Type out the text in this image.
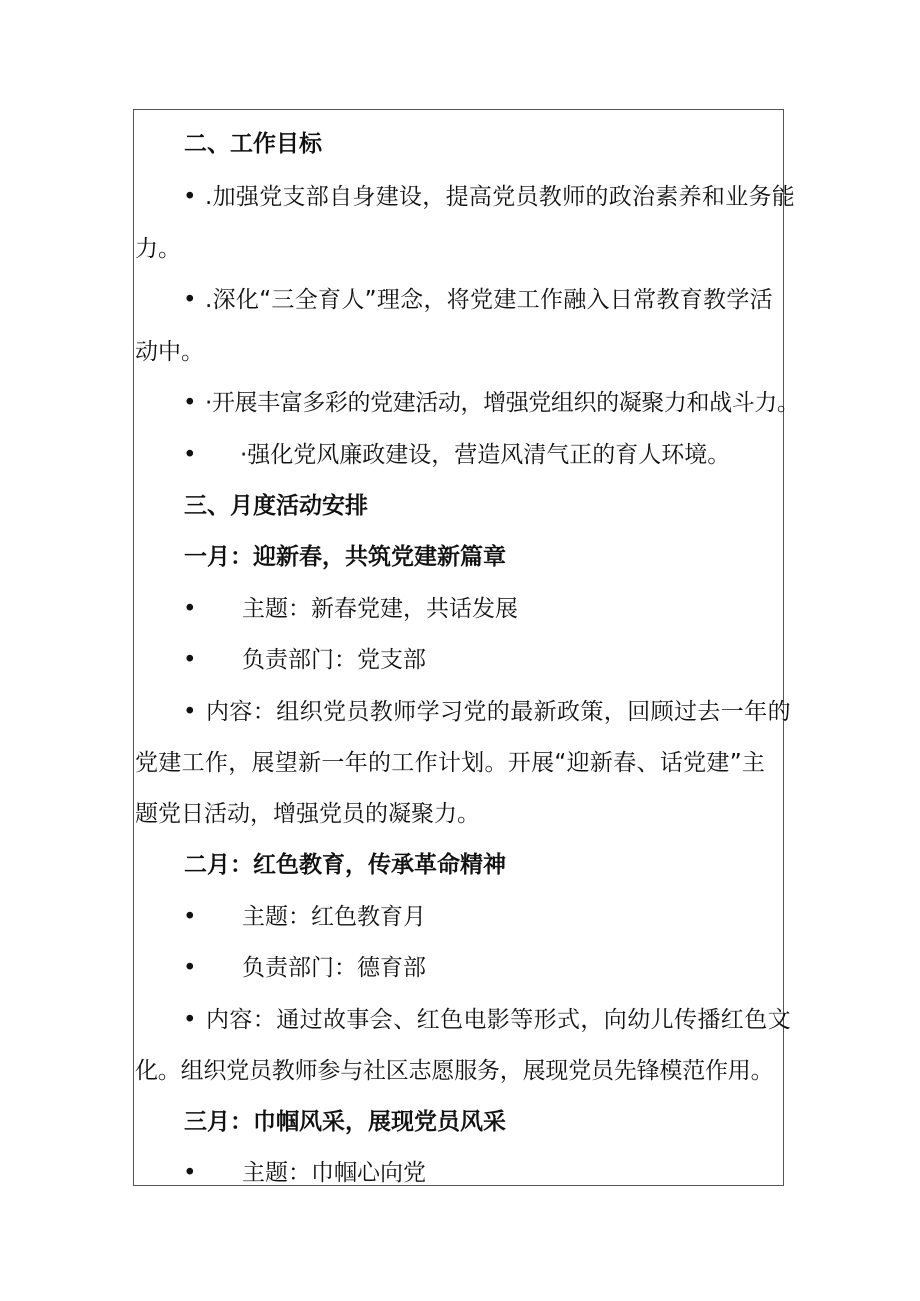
二、工作目标
• .加强党支部自身建设，提高党员教师的政治素养和业务能
力。
• .深化“三全育人”理念，将党建工作融入日常教育教学活
动中。
• ·开展丰富多彩的党建活动，增强党组织的凝聚力和战斗力。
• ·强化党风廉政建设，营造风清气正的育人环境。
三、月度活动安排
一月：迎新春，共筑党建新篇章
• 主题：新春党建，共话发展
• 负责部门：党支部
• 内容：组织党员教师学习党的最新政策，回顾过去一年的
党建工作，展望新一年的工作计划。开展“迎新春、话党建”主
题党日活动，增强党员的凝聚力。
二月：红色教育，传承革命精神
• 主题：红色教育月
• 负责部门：德育部
• 内容：通过故事会、红色电影等形式，向幼儿传播红色文
化。组织党员教师参与社区志愿服务，展现党员先锋模范作用。
三月：巾帼风采，展现党员风采
• 主题：巾帼心向党
